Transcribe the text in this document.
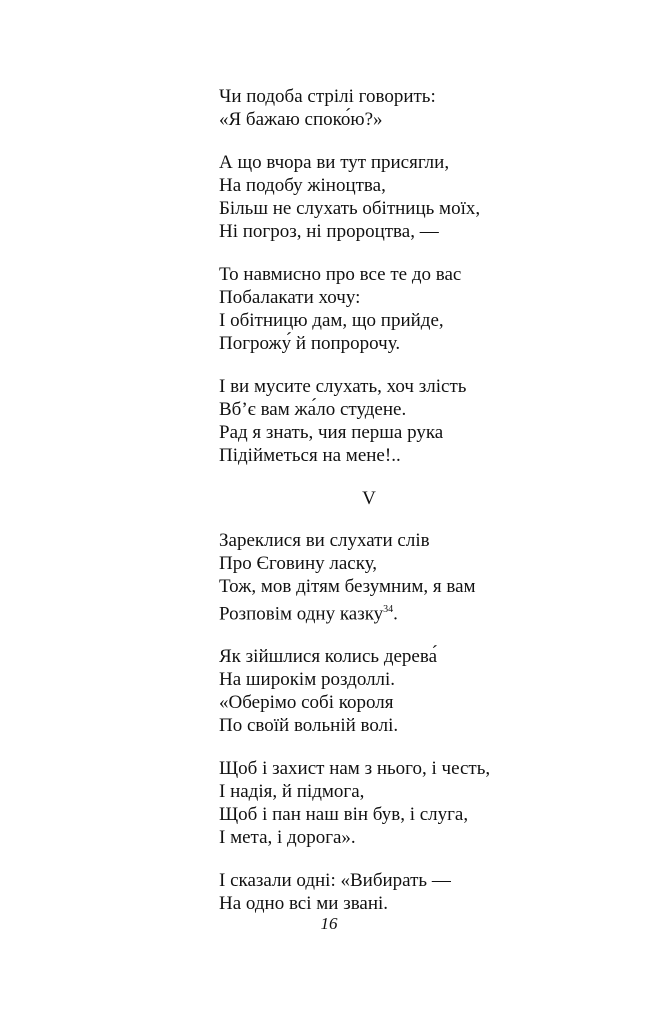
Чи подоба стрілі говорить:
«Я бажаю споко́ю?»
А що вчора ви тут присягли,
На подобу жіноцтва,
Більш не слухать обітниць моїх,
Ні погроз, ні пророцтва, —
То навмисно про все те до вас
Побалакати хочу:
І обітницю дам, що прийде,
Погрожу́ й попророчу.
І ви мусите слухать, хоч злість
Вб’є вам жа́ло студене.
Рад я знать, чия перша рука
Підійметься на мене!..
V
Зареклися ви слухати слів
Про Єговину ласку,
Тож, мов дітям безумним, я вам
Розповім одну казку$^{34}$.
Як зійшлися колись дерева́
На широкім роздоллі.
«Оберімо собі короля
По своїй вольній волі.
Щоб і захист нам з нього, і честь,
І надія, й підмога,
Щоб і пан наш він був, і слуга,
І мета, і дорога».
І сказали одні: «Вибирать —
На одно всі ми звані.
16
